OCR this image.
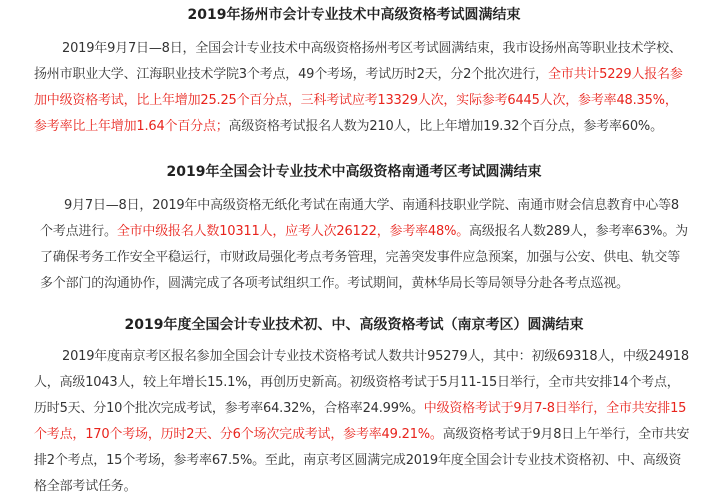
2019年扬州市会计专业技术中高级资格考试圆满结束

2019年9月7日—8日，全国会计专业技术中高级资格扬州考区考试圆满结束，我市设扬州高等职业技术学校、扬州市职业大学、江海职业技术学院3个考点，49个考场，考试历时2天，分2个批次进行，全市共计5229人报名参加中级资格考试，比上年增加25.25个百分点，三科考试应考13329人次，实际参考6445人次，参考率48.35%，参考率比上年增加1.64个百分点；高级资格考试报名人数为210人，比上年增加19.32个百分点，参考率60%。

2019年全国会计专业技术中高级资格南通考区考试圆满结束

9月7日—8日，2019年中高级资格无纸化考试在南通大学、南通科技职业学院、南通市财会信息教育中心等8个考点进行。全市中级报名人数10311人，应考人次26122，参考率48%。高级报名人数289人，参考率63%。为了确保考务工作安全平稳运行，市财政局强化考点考务管理，完善突发事件应急预案，加强与公安、供电、轨交等多个部门的沟通协作，圆满完成了各项考试组织工作。考试期间，黄林华局长等局领导分赴各考点巡视。

2019年度全国会计专业技术初、中、高级资格考试（南京考区）圆满结束

2019年度南京考区报名参加全国会计专业技术资格考试人数共计95279人，其中：初级69318人，中级24918人，高级1043人，较上年增长15.1%，再创历史新高。初级资格考试于5月11-15日举行，全市共安排14个考点，历时5天、分10个批次完成考试，参考率64.32%，合格率24.99%。中级资格考试于9月7-8日举行，全市共安排15个考点，170个考场，历时2天、分6个场次完成考试，参考率49.21%。高级资格考试于9月8日上午举行，全市共安排2个考点，15个考场，参考率67.5%。至此，南京考区圆满完成2019年度全国会计专业技术资格初、中、高级资格全部考试任务。
